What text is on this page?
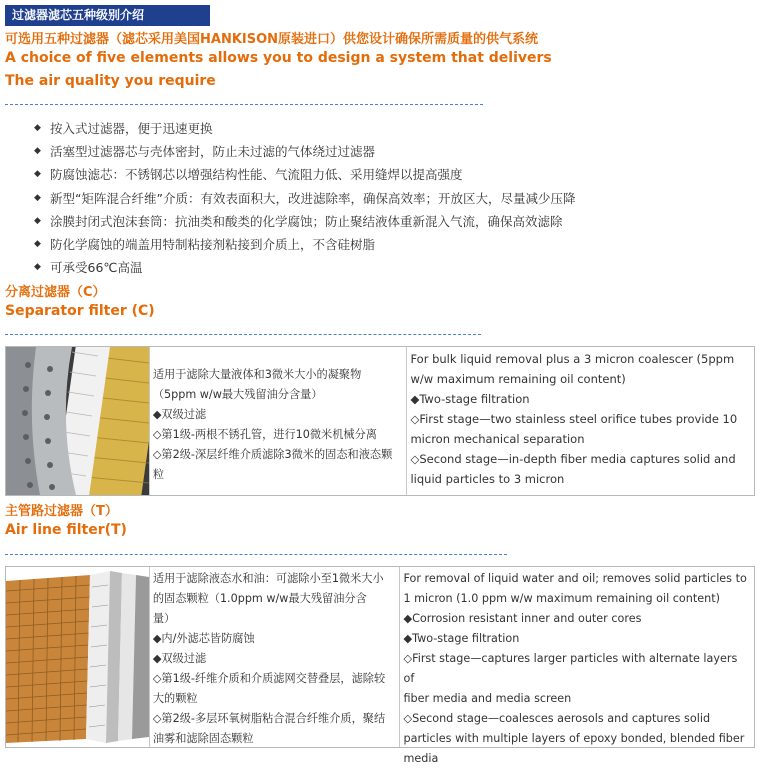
过滤器滤芯五种级别介绍
可选用五种过滤器（滤芯采用美国HANKISON原装进口）供您设计确保所需质量的供气系统
A choice of five elements allows you to design a system that delivers
The air quality you require
◆ 按入式过滤器，便于迅速更换
◆ 活塞型过滤器芯与壳体密封，防止未过滤的气体绕过过滤器
◆ 防腐蚀滤芯：不锈钢芯以增强结构性能、气流阻力低、采用缝焊以提高强度
◆ 新型“矩阵混合纤维”介质：有效表面积大，改进滤除率，确保高效率；开放区大，尽量减少压降
◆ 涂膜封闭式泡沫套筒：抗油类和酸类的化学腐蚀；防止聚结液体重新混入气流，确保高效滤除
◆ 防化学腐蚀的端盖用特制粘接剂粘接到介质上，不含硅树脂
◆ 可承受66℃高温
分离过滤器（C）
Separator filter (C)
适用于滤除大量液体和3微米大小的凝聚物
（5ppm w/w最大残留油分含量）
◆双级过滤
◇第1级-两根不锈孔管，进行10微米机械分离
◇第2级-深层纤维介质滤除3微米的固态和液态颗
粒
For bulk liquid removal plus a 3 micron coalescer (5ppm
w/w maximum remaining oil content)
◆Two-stage filtration
◇First stage—two stainless steel orifice tubes provide 10
micron mechanical separation
◇Second stage—in-depth fiber media captures solid and
liquid particles to 3 micron
主管路过滤器（T）
Air line filter(T)
适用于滤除液态水和油：可滤除小至1微米大小
的固态颗粒（1.0ppm w/w最大残留油分含
量）
◆内/外滤芯皆防腐蚀
◆双级过滤
◇第1级-纤维介质和介质滤网交替叠层，滤除较
大的颗粒
◇第2级-多层环氧树脂粘合混合纤维介质，聚结
油雾和滤除固态颗粒
For removal of liquid water and oil; removes solid particles to
1 micron (1.0 ppm w/w maximum remaining oil content)
◆Corrosion resistant inner and outer cores
◆Two-stage filtration
◇First stage—captures larger particles with alternate layers of
fiber media and media screen
◇Second stage—coalesces aerosols and captures solid
particles with multiple layers of epoxy bonded, blended fiber
media
